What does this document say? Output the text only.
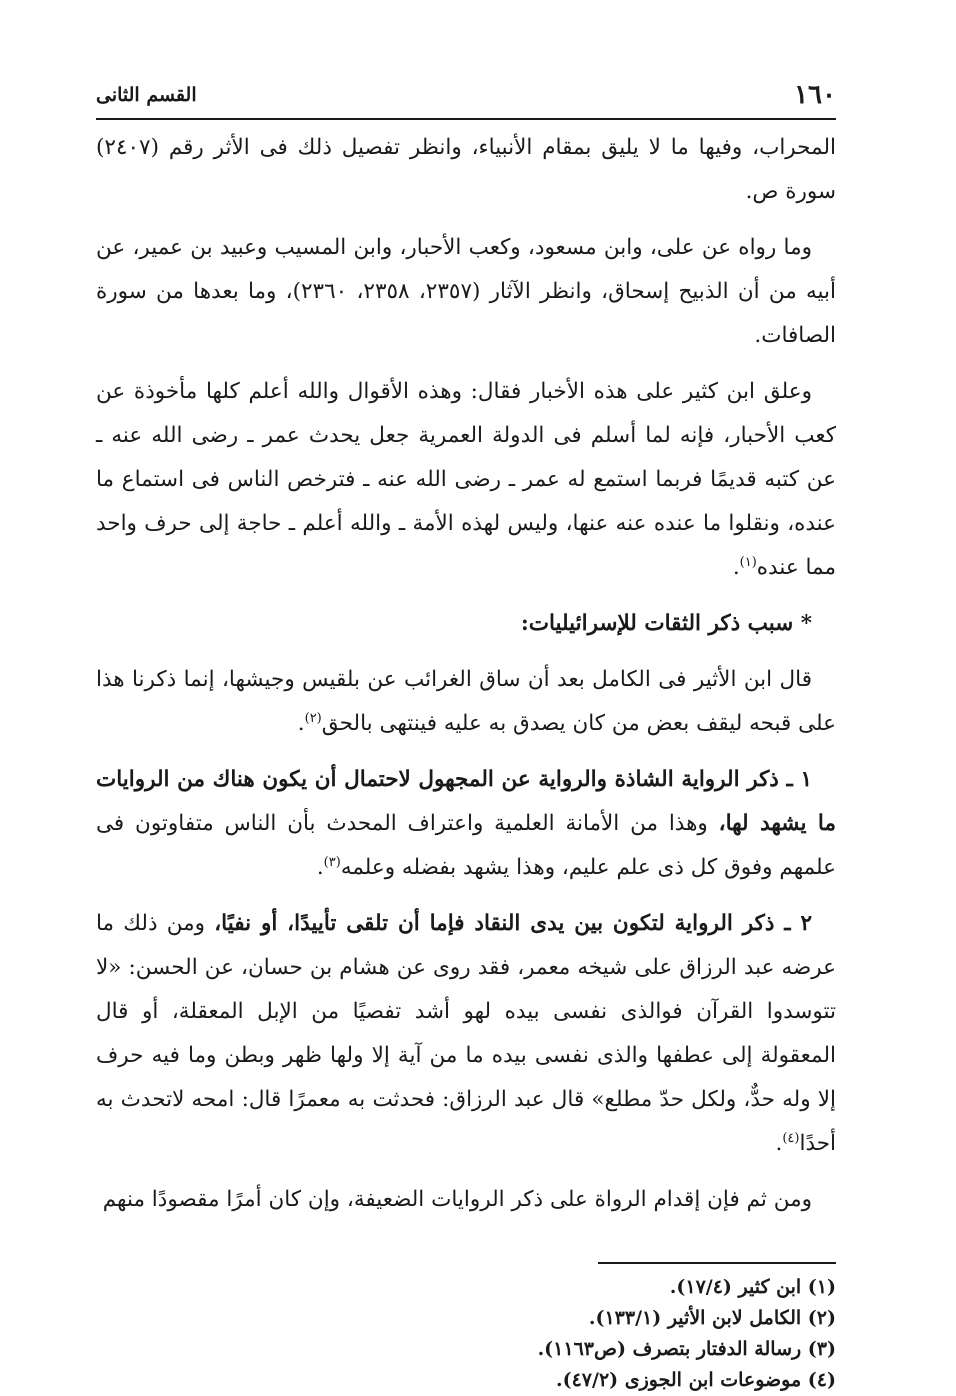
١٦٠
القسم الثانى

المحراب، وفيها ما لا يليق بمقام الأنبياء، وانظر تفصيل ذلك فى الأثر رقم (٢٤٠٧) سورة ص.

وما رواه عن على، وابن مسعود، وكعب الأحبار، وابن المسيب وعبيد بن عمير، عن أبيه من أن الذبيح إسحاق، وانظر الآثار (٢٣٥٧، ٢٣٥٨، ٢٣٦٠)، وما بعدها من سورة الصافات.

وعلق ابن كثير على هذه الأخبار فقال: وهذه الأقوال والله أعلم كلها مأخوذة عن كعب الأحبار، فإنه لما أسلم فى الدولة العمرية جعل يحدث عمر ـ رضى الله عنه ـ عن كتبه قديمًا فربما استمع له عمر ـ رضى الله عنه ـ فترخص الناس فى استماع ما عنده، ونقلوا ما عنده عنه عنها، وليس لهذه الأمة ـ والله أعلم ـ حاجة إلى حرف واحد مما عنده$^{(١)}$.

* سبب ذكر الثقات للإسرائيليات:

قال ابن الأثير فى الكامل بعد أن ساق الغرائب عن بلقيس وجيشها، إنما ذكرنا هذا على قبحه ليقف بعض من كان يصدق به عليه فينتهى بالحق$^{(٢)}$.

١ ـ ذكر الرواية الشاذة والرواية عن المجهول لاحتمال أن يكون هناك من الروايات ما يشهد لها، وهذا من الأمانة العلمية واعتراف المحدث بأن الناس متفاوتون فى علمهم وفوق كل ذى علم عليم، وهذا يشهد بفضله وعلمه$^{(٣)}$.

٢ ـ ذكر الرواية لتكون بين يدى النقاد فإما أن تلقى تأييدًا، أو نفيًا، ومن ذلك ما عرضه عبد الرزاق على شيخه معمر، فقد روى عن هشام بن حسان، عن الحسن: «لا تتوسدوا القرآن فوالذى نفسى بيده لهو أشد تفصيًا من الإبل المعقلة، أو قال المعقولة إلى عطفها والذى نفسى بيده ما من آية إلا ولها ظهر وبطن وما فيه حرف إلا وله حدٌّ، ولكل حدّ مطلع» قال عبد الرزاق: فحدثت به معمرًا قال: امحه لاتحدث به أحدًا$^{(٤)}$.

ومن ثم فإن إقدام الرواة على ذكر الروايات الضعيفة، وإن كان أمرًا مقصودًا منهم

(١) ابن كثير (١٧/٤).
(٢) الكامل لابن الأثير (١٣٣/١).
(٣) رسالة الدفتار بتصرف (ص١١٦٣).
(٤) موضوعات ابن الجوزى (٤٧/٢).
